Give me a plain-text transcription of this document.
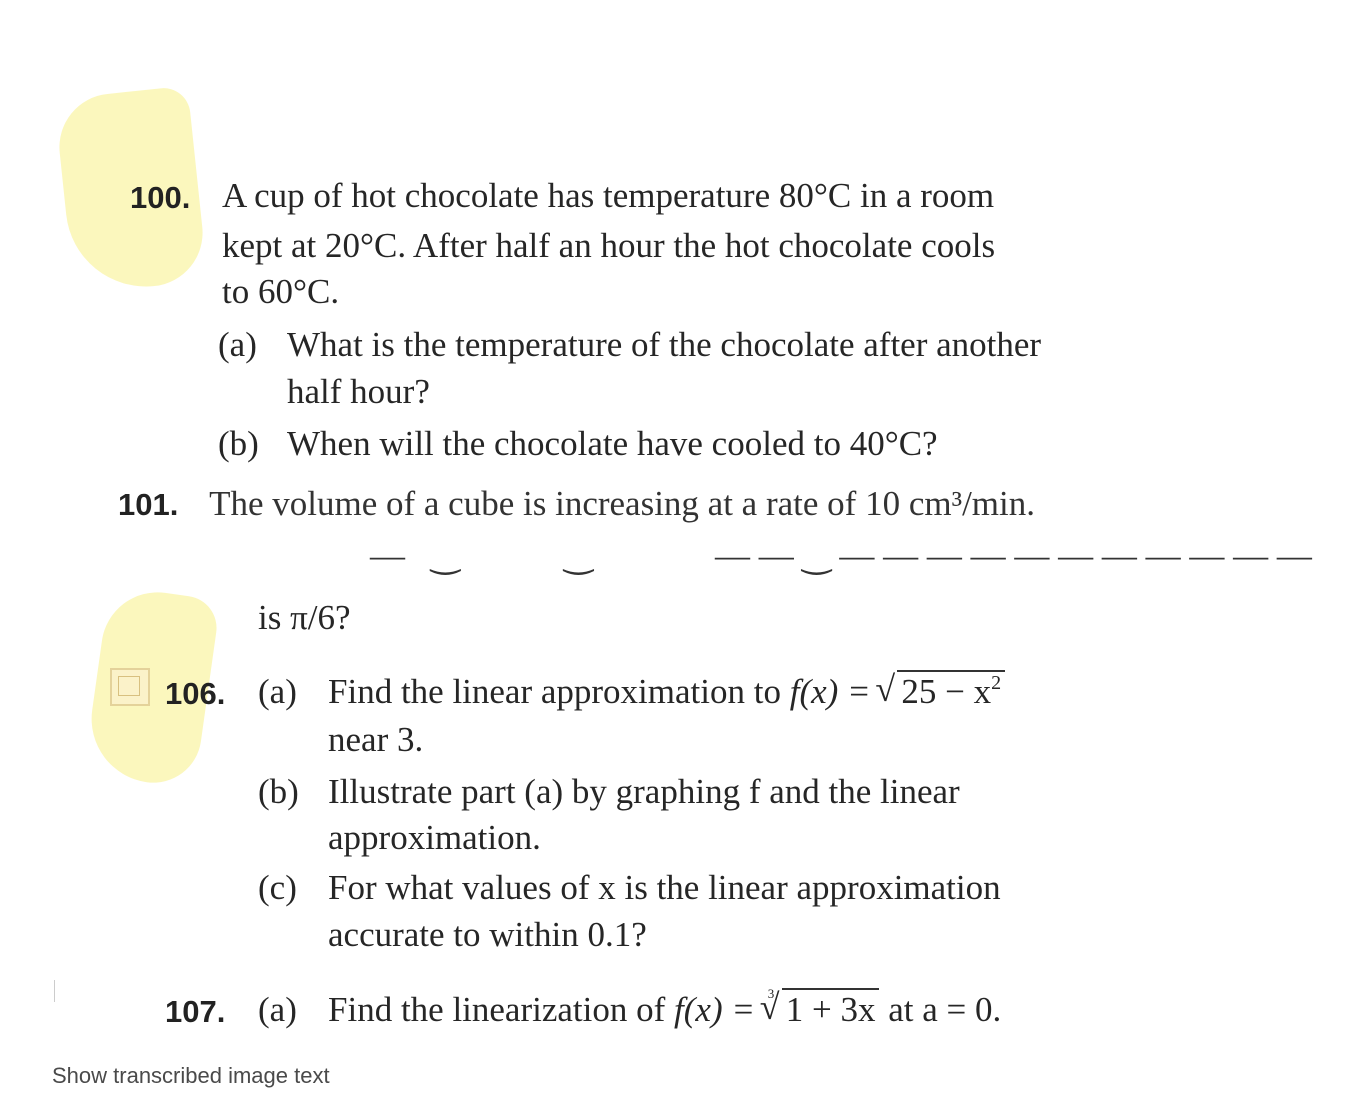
100. A cup of hot chocolate has temperature 80°C in a room
kept at 20°C. After half an hour the hot chocolate cools
to 60°C.
(a) What is the temperature of the chocolate after another
half hour?
(b) When will the chocolate have cooled to 40°C?
101. The volume of a cube is increasing at a rate of 10 cm³/min.
—   ‿            ‿              — — ‿ — — — — — — — — — — —
is π/6?
106. (a) Find the linear approximation to f(x) = √ $25 - x^2$
near 3.
(b) Illustrate part (a) by graphing f and the linear
approximation.
(c) For what values of x is the linear approximation
accurate to within 0.1?
107. (a) Find the linearization of f(x) =
√ 3 1 + 3x at a = 0.
Show transcribed image text
